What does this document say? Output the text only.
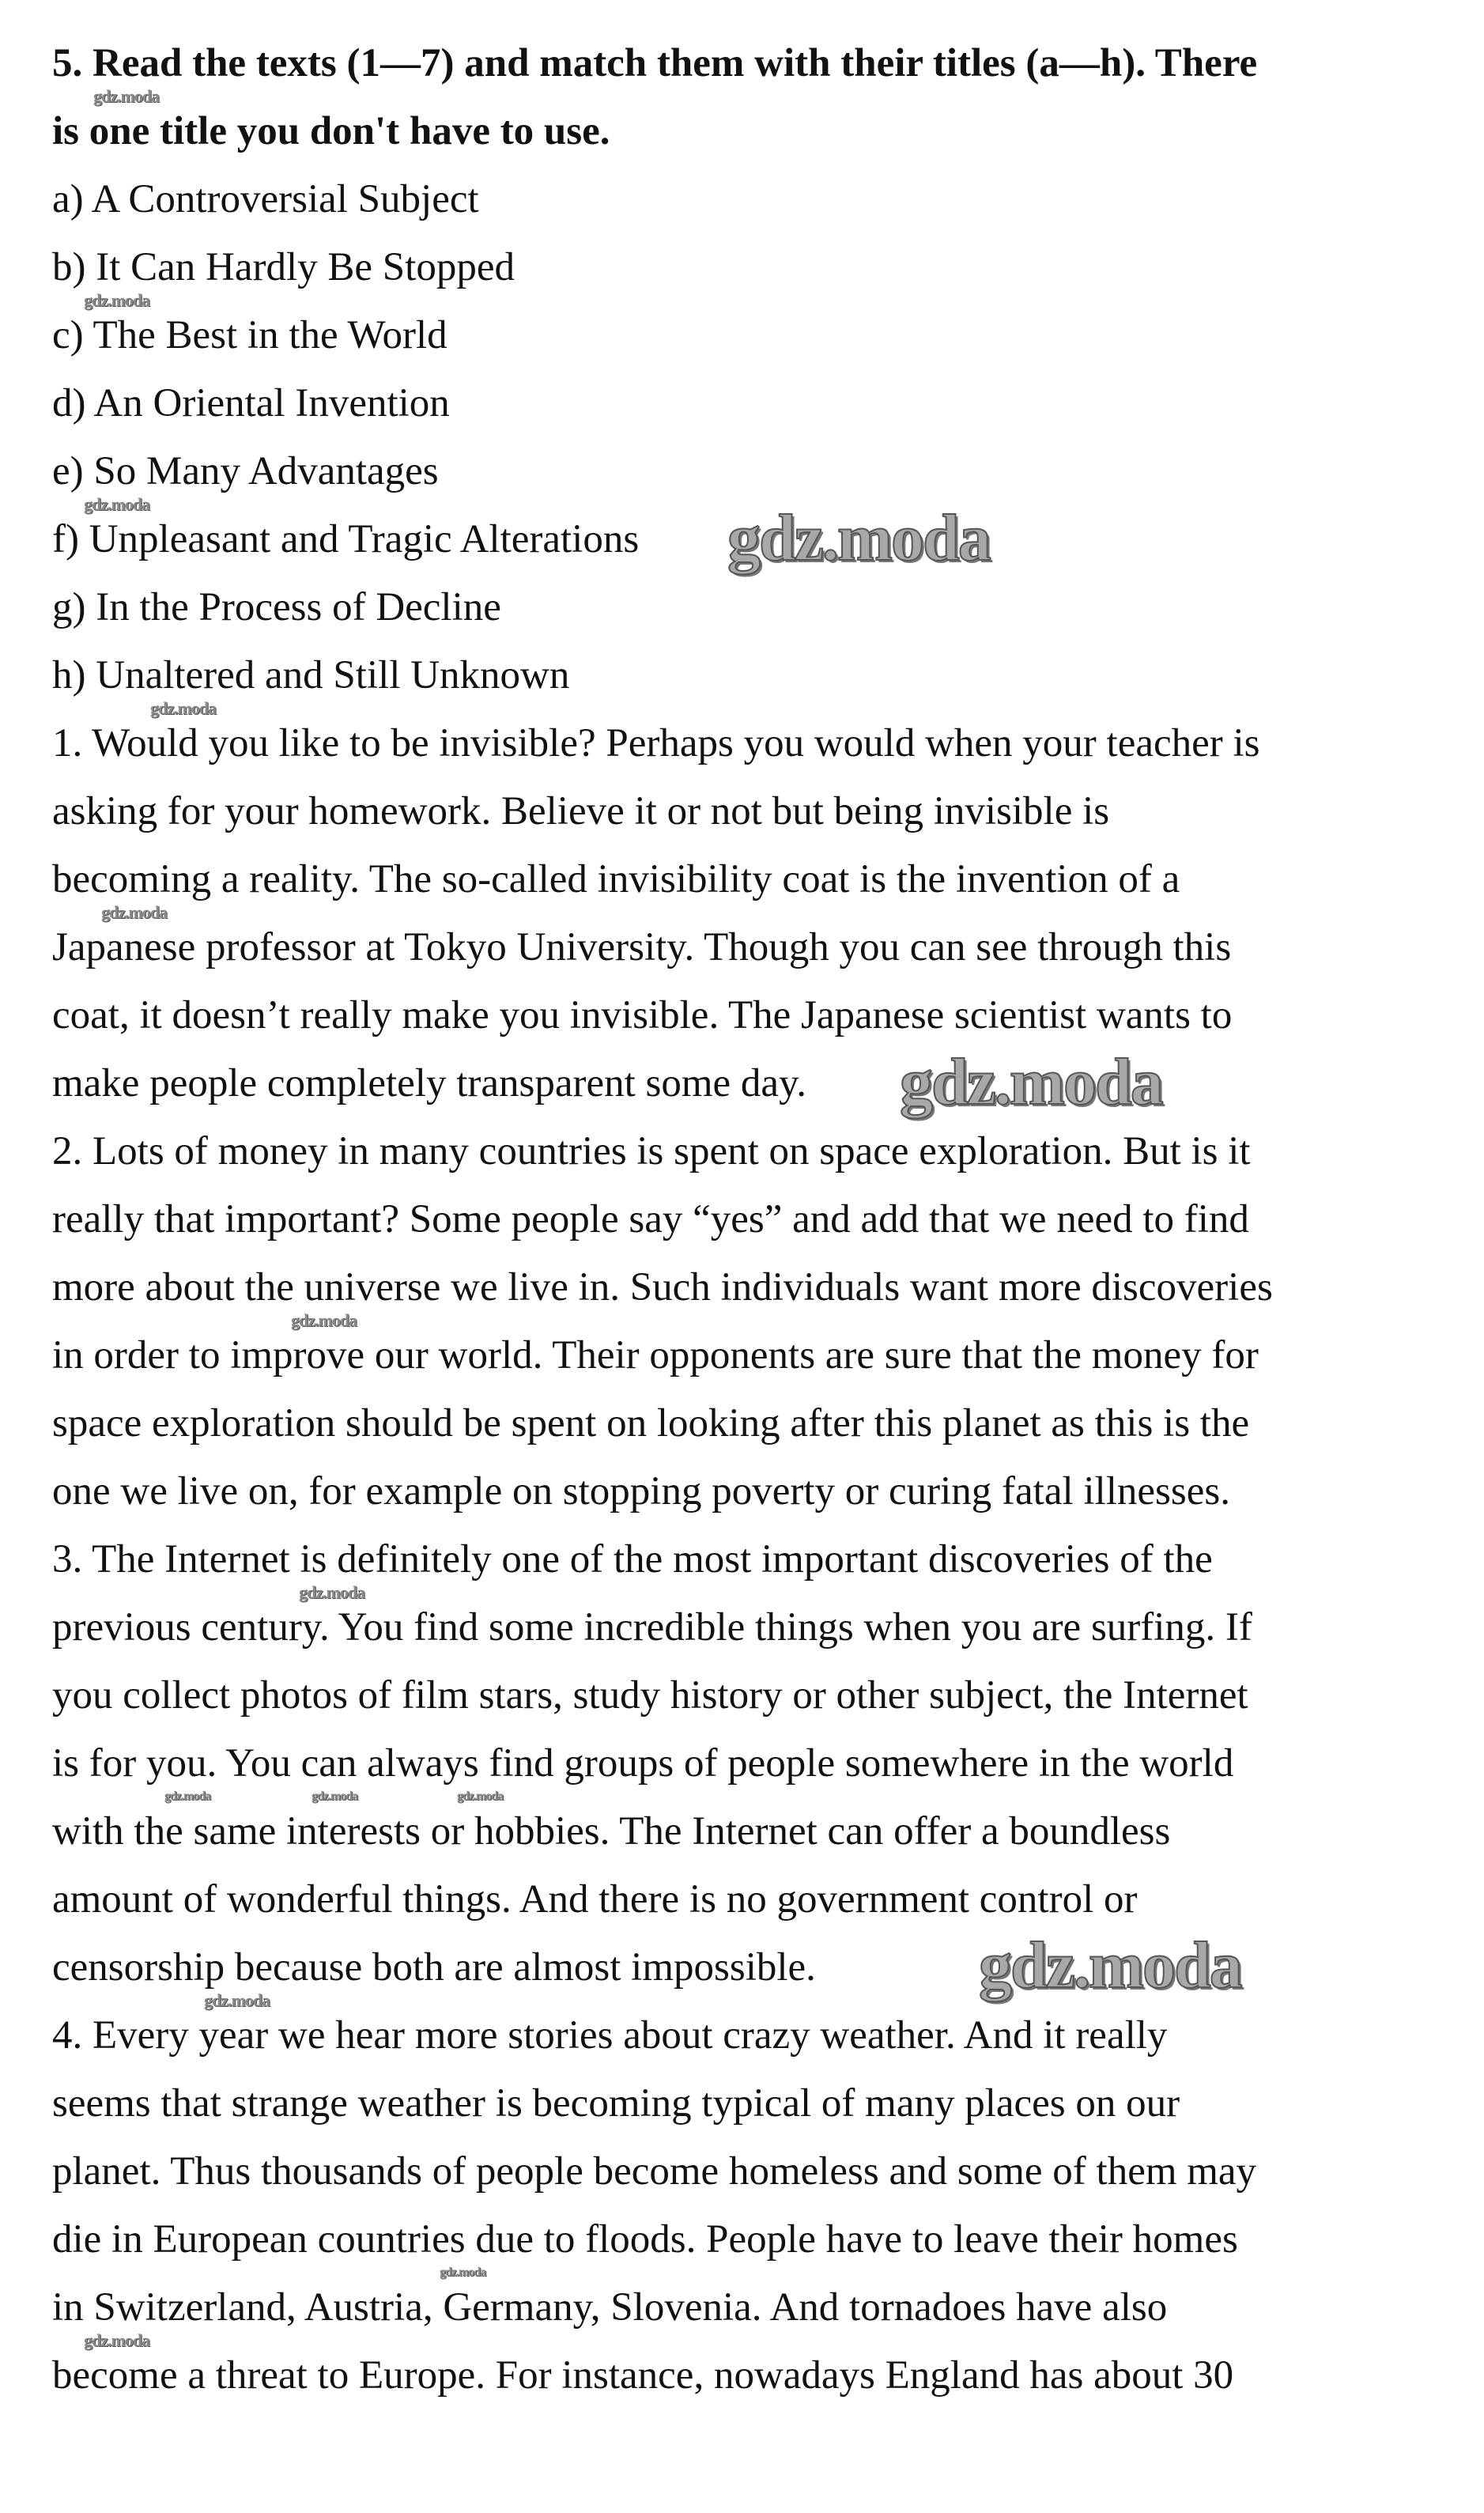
5. Read the texts (1—7) and match them with their titles (a—h). There
is one title you don't have to use.
a) A Controversial Subject
b) It Can Hardly Be Stopped
c) The Best in the World
d) An Oriental Invention
e) So Many Advantages
f) Unpleasant and Tragic Alterations
g) In the Process of Decline
h) Unaltered and Still Unknown
1. Would you like to be invisible? Perhaps you would when your teacher is
asking for your homework. Believe it or not but being invisible is
becoming a reality. The so-called invisibility coat is the invention of a
Japanese professor at Tokyo University. Though you can see through this
coat, it doesn’t really make you invisible. The Japanese scientist wants to
make people completely transparent some day.
2. Lots of money in many countries is spent on space exploration. But is it
really that important? Some people say “yes” and add that we need to find
more about the universe we live in. Such individuals want more discoveries
in order to improve our world. Their opponents are sure that the money for
space exploration should be spent on looking after this planet as this is the
one we live on, for example on stopping poverty or curing fatal illnesses.
3. The Internet is definitely one of the most important discoveries of the
previous century. You find some incredible things when you are surfing. If
you collect photos of film stars, study history or other subject, the Internet
is for you. You can always find groups of people somewhere in the world
with the same interests or hobbies. The Internet can offer a boundless
amount of wonderful things. And there is no government control or
censorship because both are almost impossible.
4. Every year we hear more stories about crazy weather. And it really
seems that strange weather is becoming typical of many places on our
planet. Thus thousands of people become homeless and some of them may
die in European countries due to floods. People have to leave their homes
in Switzerland, Austria, Germany, Slovenia. And tornadoes have also
become a threat to Europe. For instance, nowadays England has about 30
gdz.moda
gdz.moda
gdz.moda
gdz.moda
gdz.moda
gdz.moda
gdz.moda
gdz.moda	gdz.moda	gdz.moda
gdz.moda
gdz.moda
gdz.moda
gdz.moda
gdz.moda
gdz.moda
